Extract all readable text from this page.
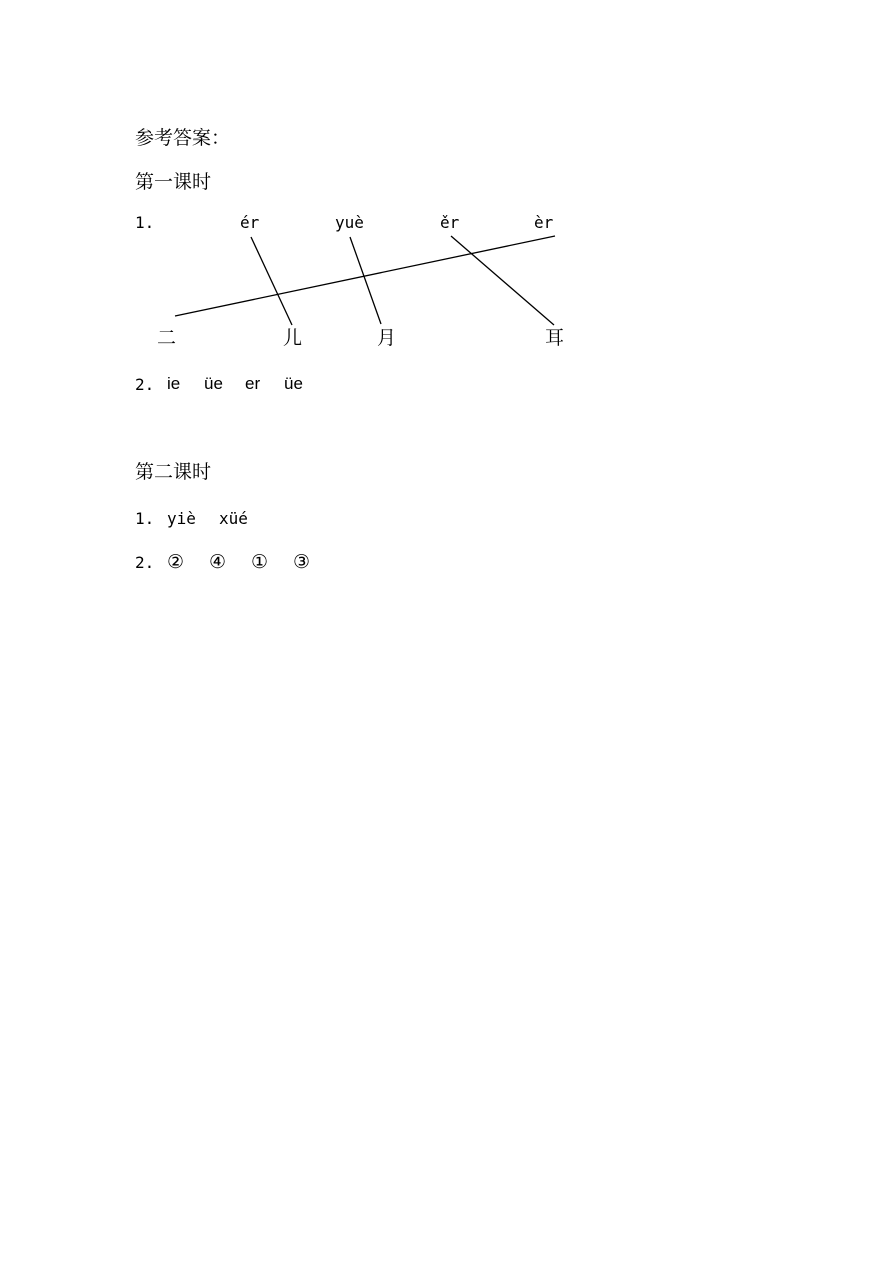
参考答案：
第一课时
1.	ér	yuè	ěr	èr
二	儿	月	耳
2. ie üe er üe
第二课时
1. yiè xüé
2. ② ④ ① ③
